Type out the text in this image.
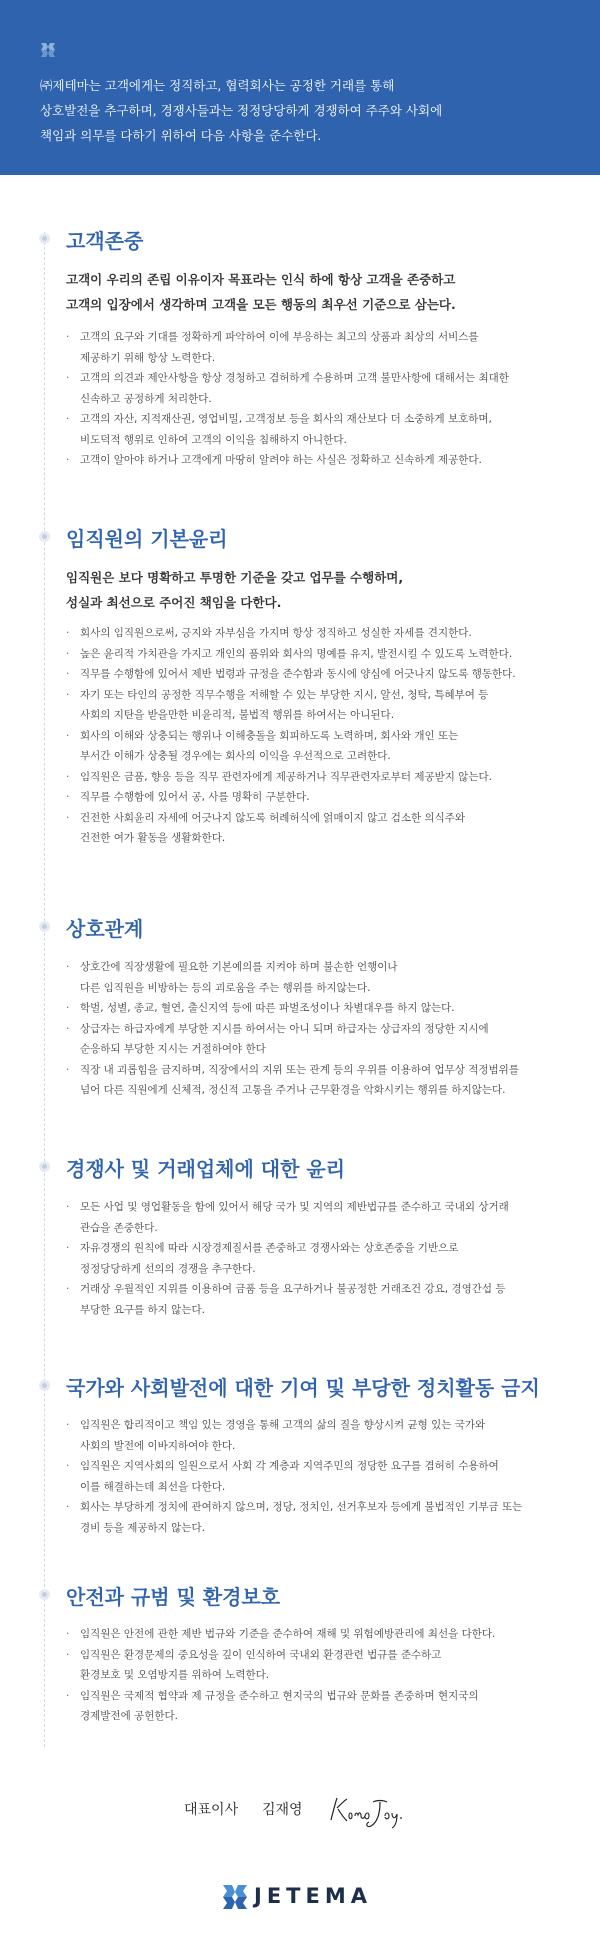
㈜제테마는 고객에게는 정직하고, 협력회사는 공정한 거래를 통해
상호발전을 추구하며, 경쟁사들과는 정정당당하게 경쟁하여 주주와 사회에
책임과 의무를 다하기 위하여 다음 사항을 준수한다.
고객존중
고객이 우리의 존립 이유이자 목표라는 인식 하에 항상 고객을 존중하고
고객의 입장에서 생각하며 고객을 모든 행동의 최우선 기준으로 삼는다.
· 고객의 요구와 기대를 정확하게 파악하여 이에 부응하는 최고의 상품과 최상의 서비스를
제공하기 위해 항상 노력한다.
· 고객의 의견과 제안사항을 항상 경청하고 겸허하게 수용하며 고객 불만사항에 대해서는 최대한
신속하고 공정하게 처리한다.
· 고객의 자산, 지적재산권, 영업비밀, 고객정보 등을 회사의 재산보다 더 소중하게 보호하며,
비도덕적 행위로 인하여 고객의 이익을 침해하지 아니한다.
· 고객이 알아야 하거나 고객에게 마땅히 알려야 하는 사실은 정확하고 신속하게 제공한다.
임직원의 기본윤리
임직원은 보다 명확하고 투명한 기준을 갖고 업무를 수행하며,
성실과 최선으로 주어진 책임을 다한다.
· 회사의 임직원으로써, 긍지와 자부심을 가지며 항상 정직하고 성실한 자세를 견지한다.
· 높은 윤리적 가치관을 가지고 개인의 품위와 회사의 명예를 유지, 발전시킬 수 있도록 노력한다.
· 직무를 수행함에 있어서 제반 법령과 규정을 준수함과 동시에 양심에 어긋나지 않도록 행동한다.
· 자기 또는 타인의 공정한 직무수행을 저해할 수 있는 부당한 지시, 알선, 청탁, 특혜부여 등
사회의 지탄을 받을만한 비윤리적, 불법적 행위를 하여서는 아니된다.
· 회사의 이해와 상충되는 행위나 이해충돌을 회피하도록 노력하며, 회사와 개인 또는
부서간 이해가 상충될 경우에는 회사의 이익을 우선적으로 고려한다.
· 임직원은 금품, 향응 등을 직무 관련자에게 제공하거나 직무관련자로부터 제공받지 않는다.
· 직무를 수행함에 있어서 공, 사를 명확히 구분한다.
· 건전한 사회윤리 자세에 어긋나지 않도록 허례허식에 얽매이지 않고 검소한 의식주와
건전한 여가 활동을 생활화한다.
상호관계
· 상호간에 직장생활에 필요한 기본예의를 지켜야 하며 불손한 언행이나
다른 임직원을 비방하는 등의 괴로움을 주는 행위를 하지않는다.
· 학벌, 성별, 종교, 혈연, 출신지역 등에 따른 파벌조성이나 차별대우를 하지 않는다.
· 상급자는 하급자에게 부당한 지시를 하여서는 아니 되며 하급자는 상급자의 정당한 지시에
순응하되 부당한 지시는 거절하여야 한다
· 직장 내 괴롭힘을 금지하며, 직장에서의 지위 또는 관계 등의 우위를 이용하여 업무상 적정범위를
넘어 다른 직원에게 신체적, 정신적 고통을 주거나 근무환경을 악화시키는 행위를 하지않는다.
경쟁사 및 거래업체에 대한 윤리
· 모든 사업 및 영업활동을 함에 있어서 해당 국가 및 지역의 제반법규를 준수하고 국내외 상거래
관습을 존중한다.
· 자유경쟁의 원칙에 따라 시장경제질서를 존중하고 경쟁사와는 상호존중을 기반으로
정정당당하게 선의의 경쟁을 추구한다.
· 거래상 우월적인 지위를 이용하여 금품 등을 요구하거나 불공정한 거래조건 강요, 경영간섭 등
부당한 요구를 하지 않는다.
국가와 사회발전에 대한 기여 및 부당한 정치활동 금지
· 임직원은 합리적이고 책임 있는 경영을 통해 고객의 삶의 질을 향상시켜 균형 있는 국가와
사회의 발전에 이바지하여야 한다.
· 임직원은 지역사회의 일원으로서 사회 각 계층과 지역주민의 정당한 요구를 겸허히 수용하여
이를 해결하는데 최선을 다한다.
· 회사는 부당하게 정치에 관여하지 않으며, 정당, 정치인, 선거후보자 등에게 불법적인 기부금 또는
경비 등을 제공하지 않는다.
안전과 규범 및 환경보호
· 임직원은 안전에 관한 제반 법규와 기준을 준수하여 재해 및 위험예방관리에 최선을 다한다.
· 임직원은 환경문제의 중요성을 깊이 인식하여 국내외 환경관련 법규를 준수하고
환경보호 및 오염방지를 위하여 노력한다.
· 임직원은 국제적 협약과 제 규정을 준수하고 현지국의 법규와 문화를 존중하며 현지국의
경제발전에 공헌한다.
대표이사 김재영
JETEMA
